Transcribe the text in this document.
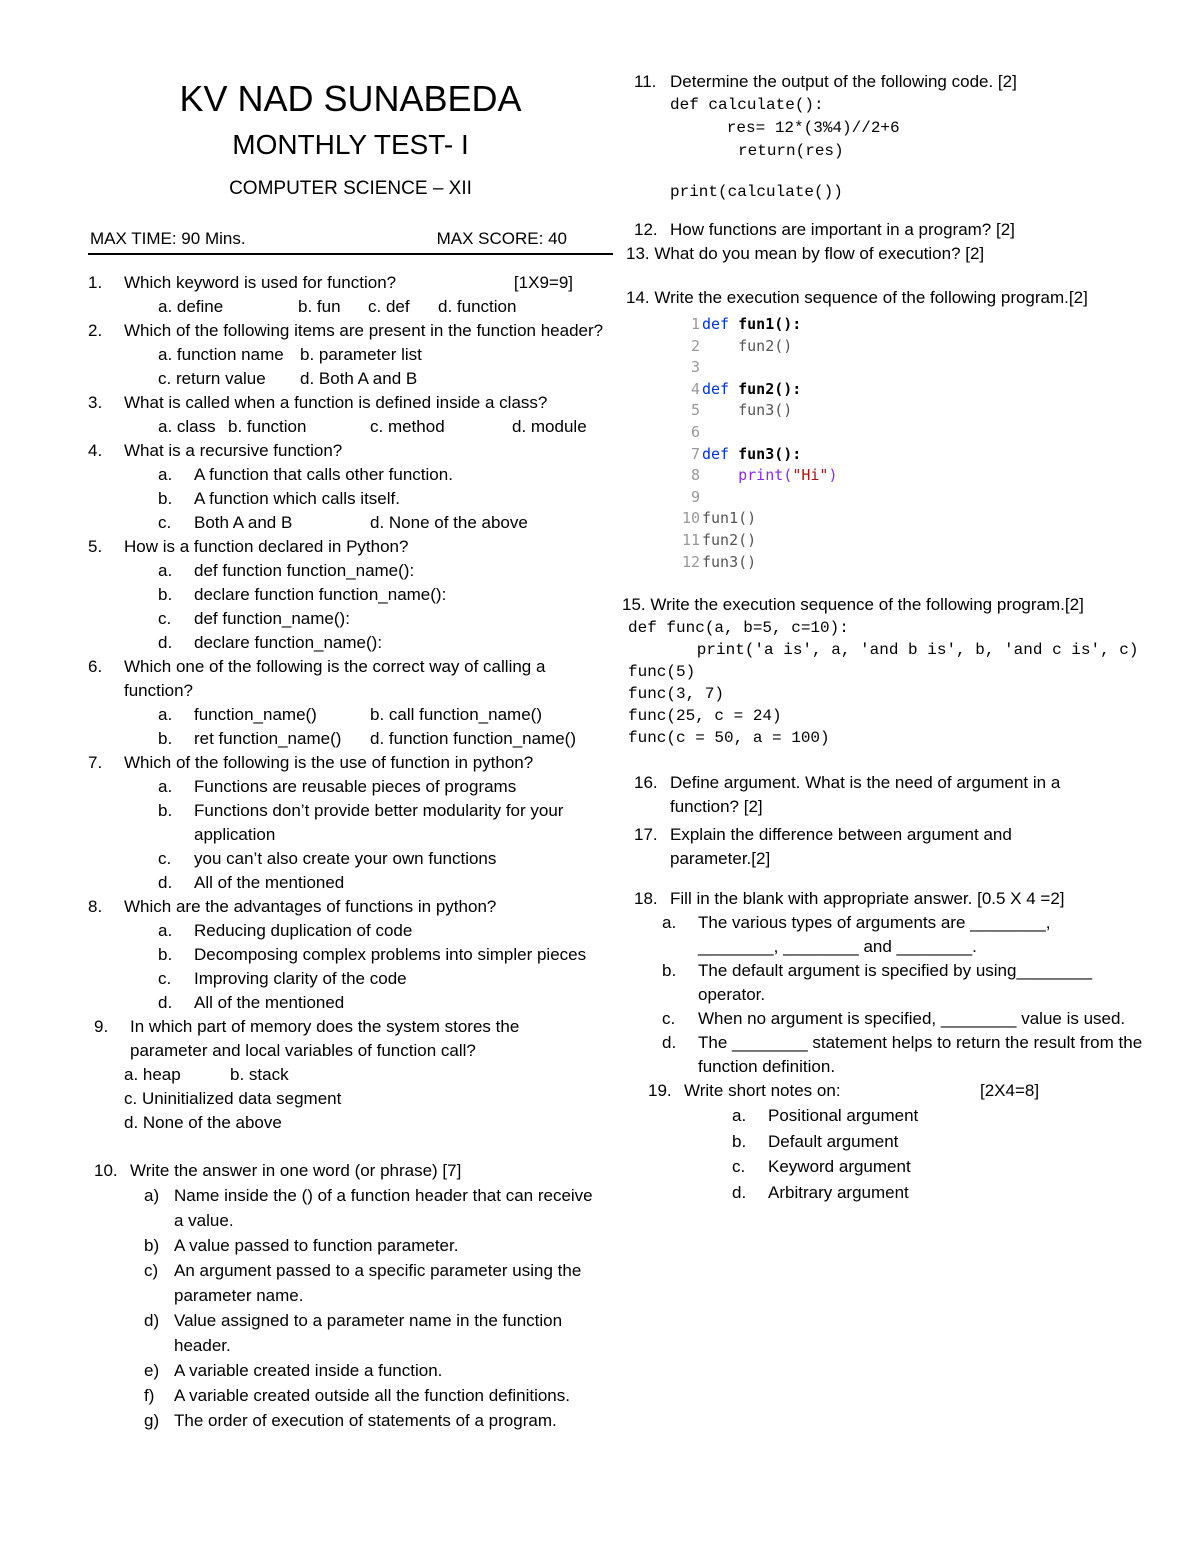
KV NAD SUNABEDA
MONTHLY TEST- I
COMPUTER SCIENCE – XII
MAX TIME: 90 Mins.	MAX SCORE: 40
1.	Which keyword is used for function?	[1X9=9]
a. define	b. fun	c. def	d. function
2.	Which of the following items are present in the function header?
a. function name b. parameter list
c. return value	d. Both A and B
3.	What is called when a function is defined inside a class?
a. class b. function	c. method	d. module
4.	What is a recursive function?
a.	A function that calls other function.
b.	A function which calls itself.
c.	Both A and B	d. None of the above
5.	How is a function declared in Python?
a.	def function function_name():
b.	declare function function_name():
c.	def function_name():
d.	declare function_name():
6.	Which one of the following is the correct way of calling a function?
a.	function_name()	b. call function_name()
b.	ret function_name()	d. function function_name()
7.	Which of the following is the use of function in python?
a.	Functions are reusable pieces of programs
b.	Functions don’t provide better modularity for your application
c.	you can’t also create your own functions
d.	All of the mentioned
8.	Which are the advantages of functions in python?
a.	Reducing duplication of code
b.	Decomposing complex problems into simpler pieces
c.	Improving clarity of the code
d.	All of the mentioned
9.	In which part of memory does the system stores the parameter and local variables of function call?
a. heap	b. stack
c. Uninitialized data segment
d. None of the above
10. Write the answer in one word (or phrase) [7]
a) Name inside the () of a function header that can receive a value.
b) A value passed to function parameter.
c) An argument passed to a specific parameter using the parameter name.
d) Value assigned to a parameter name in the function header.
e) A variable created inside a function.
f)	A variable created outside all the function definitions.
g) The order of execution of statements of a program.
11. Determine the output of the following code. [2]
def calculate():
res= 12*(3%4)//2+6
return(res)
print(calculate())
12. How functions are important in a program? [2]
13. What do you mean by flow of execution? [2]
14. Write the execution sequence of the following program.[2]
1 def fun1():
2	fun2()
3
4 def fun2():
5	fun3()
6
7 def fun3():
8	print("Hi")
9
10 fun1()
11 fun2()
12 fun3()
15. Write the execution sequence of the following program.[2]
def func(a, b=5, c=10):
print('a is', a, 'and b is', b, 'and c is', c)
func(5)
func(3, 7)
func(25, c = 24)
func(c = 50, a = 100)
16. Define argument. What is the need of argument in a function? [2]
17. Explain the difference between argument and parameter.[2]
18. Fill in the blank with appropriate answer. [0.5 X 4 =2]
a.	The various types of arguments are ________, ________, ________ and ________.
b.	The default argument is specified by using________ operator.
c.	When no argument is specified, ________ value is used.
d.	The ________ statement helps to return the result from the function definition.
19. Write short notes on:	[2X4=8]
a.	Positional argument
b.	Default argument
c.	Keyword argument
d.	Arbitrary argument
